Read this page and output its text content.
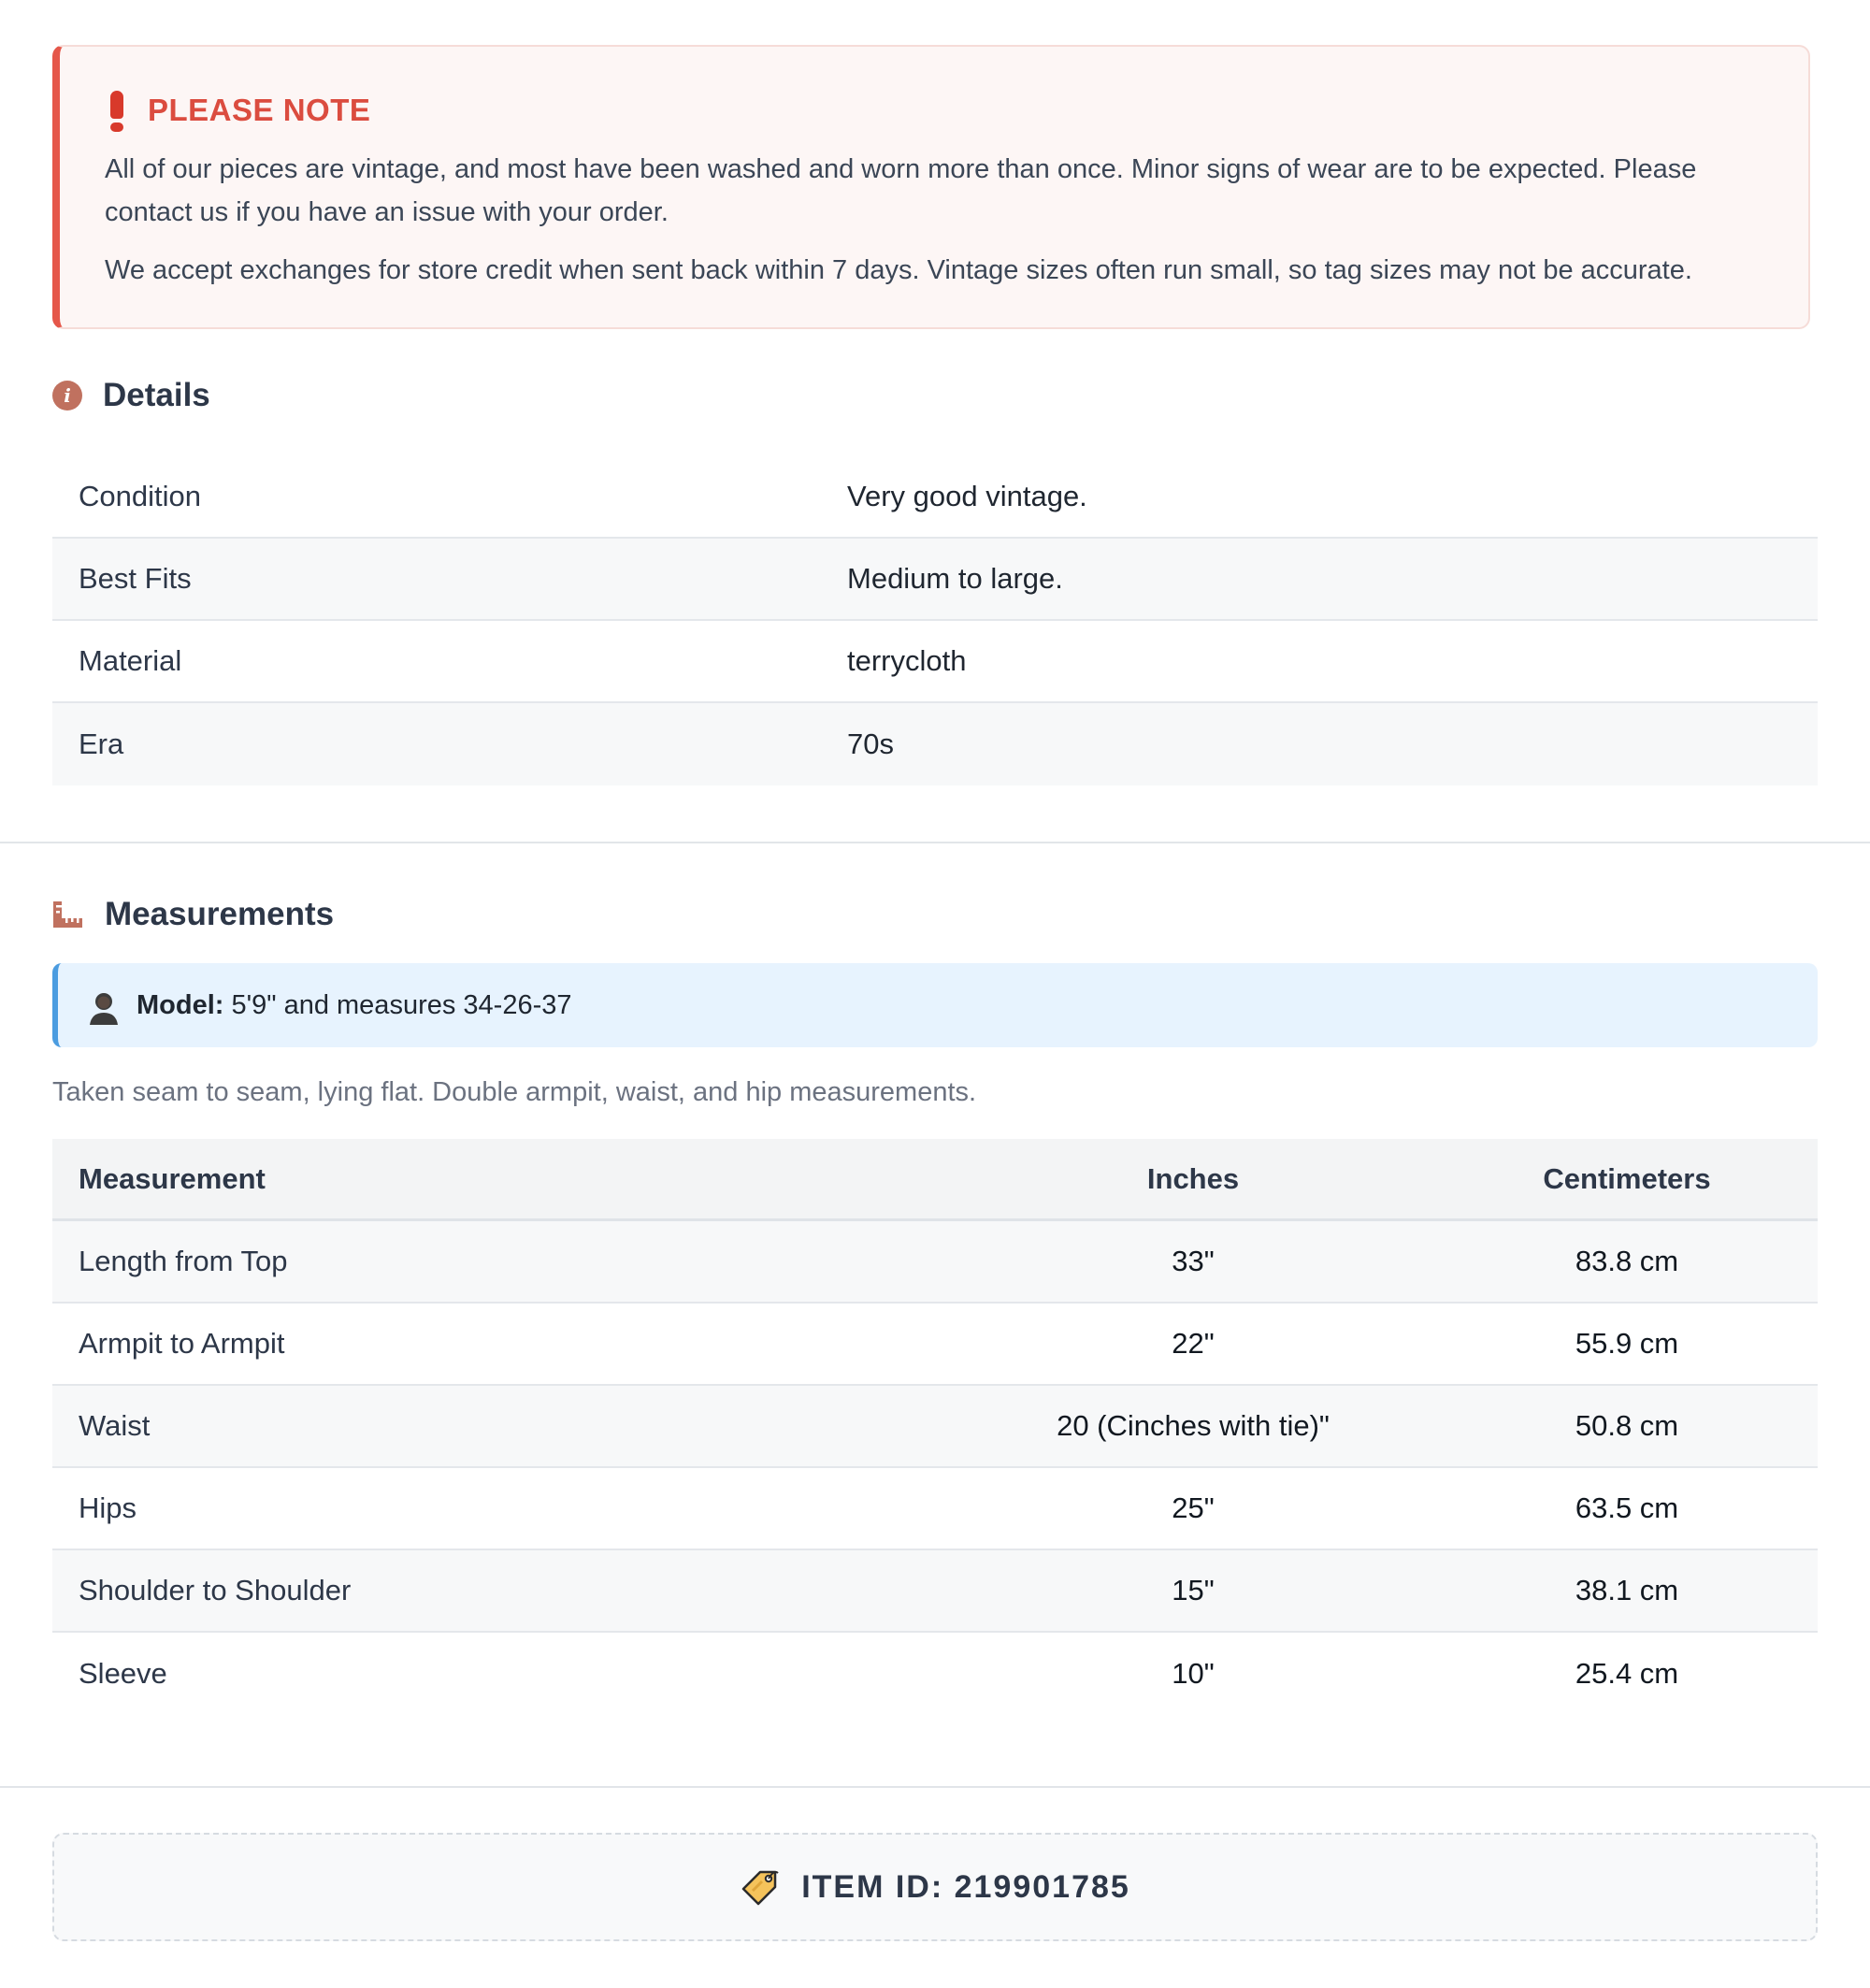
PLEASE NOTE

All of our pieces are vintage, and most have been washed and worn more than once. Minor signs of wear are to be expected. Please contact us if you have an issue with your order.

We accept exchanges for store credit when sent back within 7 days. Vintage sizes often run small, so tag sizes may not be accurate.

i Details
Condition	Very good vintage.
Best Fits	Medium to large.
Material	terrycloth
Era	70s
Measurements
Model: 5'9" and measures 34-26-37
Taken seam to seam, lying flat. Double armpit, waist, and hip measurements.
Measurement	Inches	Centimeters
Length from Top	33"	83.8 cm
Armpit to Armpit	22"	55.9 cm
Waist	20 (Cinches with tie)"	50.8 cm
Hips	25"	63.5 cm
Shoulder to Shoulder	15"	38.1 cm
Sleeve	10"	25.4 cm
ITEM ID: 219901785
